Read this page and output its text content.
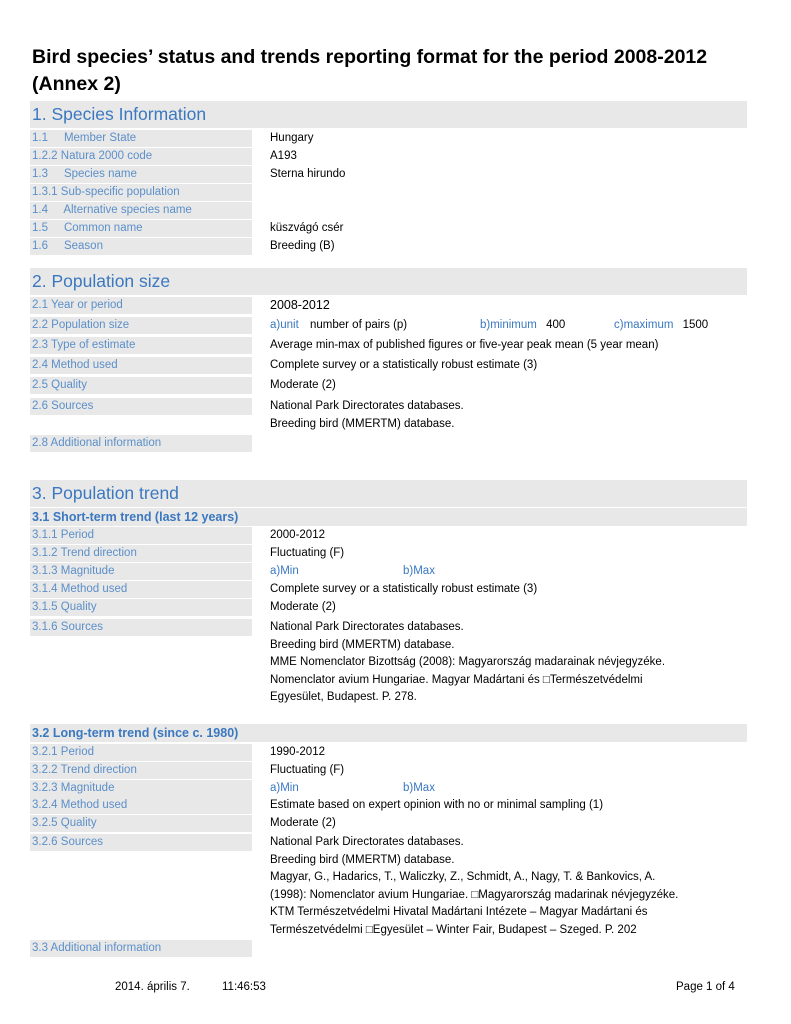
Bird species’ status and trends reporting format for the period 2008-2012
(Annex 2)
1. Species Information
1.1     Member State	Hungary
1.2.2 Natura 2000 code	A193
1.3     Species name	Sterna hirundo
1.3.1 Sub-specific population
1.4     Alternative species name
1.5     Common name	küszvágó csér
1.6     Season	Breeding (B)
2. Population size
2.1 Year or period	2008-2012
2.2 Population size	a)unit number of pairs (p)	b)minimum 400	c)maximum 1500
2.3 Type of estimate	Average min-max of published figures or five-year peak mean (5 year mean)
2.4 Method used	Complete survey or a statistically robust estimate (3)
2.5 Quality	Moderate (2)
2.6 Sources	National Park Directorates databases.
Breeding bird (MMERTM) database.
2.8 Additional information
3. Population trend
3.1 Short-term trend (last 12 years)
3.1.1 Period	2000-2012
3.1.2 Trend direction	Fluctuating (F)
3.1.3 Magnitude	a)Min	b)Max
3.1.4 Method used	Complete survey or a statistically robust estimate (3)
3.1.5 Quality	Moderate (2)
3.1.6 Sources	National Park Directorates databases.
Breeding bird (MMERTM) database.
MME Nomenclator Bizottság (2008): Magyarország madarainak névjegyzéke.
Nomenclator avium Hungariae. Magyar Madártani és □Természetvédelmi
Egyesület, Budapest. P. 278.
3.2 Long-term trend (since c. 1980)
3.2.1 Period	1990-2012
3.2.2 Trend direction	Fluctuating (F)
3.2.3 Magnitude	a)Min	b)Max
3.2.4 Method used	Estimate based on expert opinion with no or minimal sampling (1)
3.2.5 Quality	Moderate (2)
3.2.6 Sources	National Park Directorates databases.
Breeding bird (MMERTM) database.
Magyar, G., Hadarics, T., Waliczky, Z., Schmidt, A., Nagy, T. & Bankovics, A.
(1998): Nomenclator avium Hungariae. □Magyarország madarinak névjegyzéke.
KTM Természetvédelmi Hivatal Madártani Intézete – Magyar Madártani és
Természetvédelmi □Egyesület – Winter Fair, Budapest – Szeged. P. 202
3.3 Additional information
2014. április 7.	11:46:53	Page 1 of 4
